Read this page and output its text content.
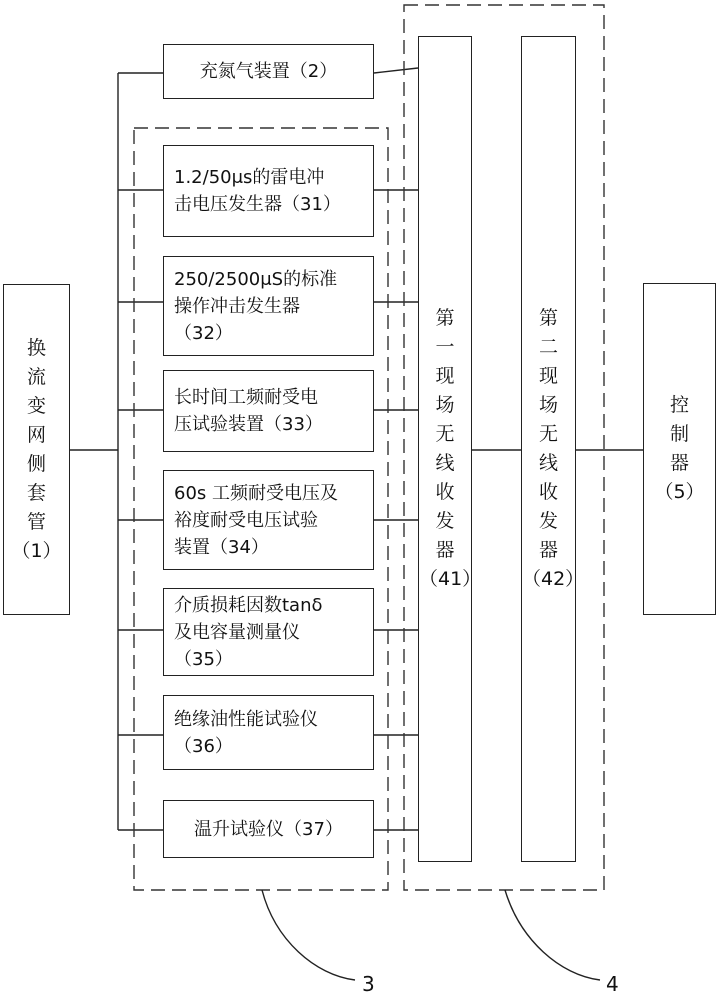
换
流
变
网
侧
套
管
（1）
充氮气装置（2）
1.2/50μs的雷电冲
击电压发生器（31）
250/2500μS的标准
操作冲击发生器
（32）
长时间工频耐受电
压试验装置（33）
60s 工频耐受电压及
裕度耐受电压试验
装置（34）
介质损耗因数tanδ
及电容量测量仪
（35）
绝缘油性能试验仪
（36）
温升试验仪（37）
第
一
现
场
无
线
收
发
器
（41）
第
二
现
场
无
线
收
发
器
（42）
控
制
器
（5）
3	4
